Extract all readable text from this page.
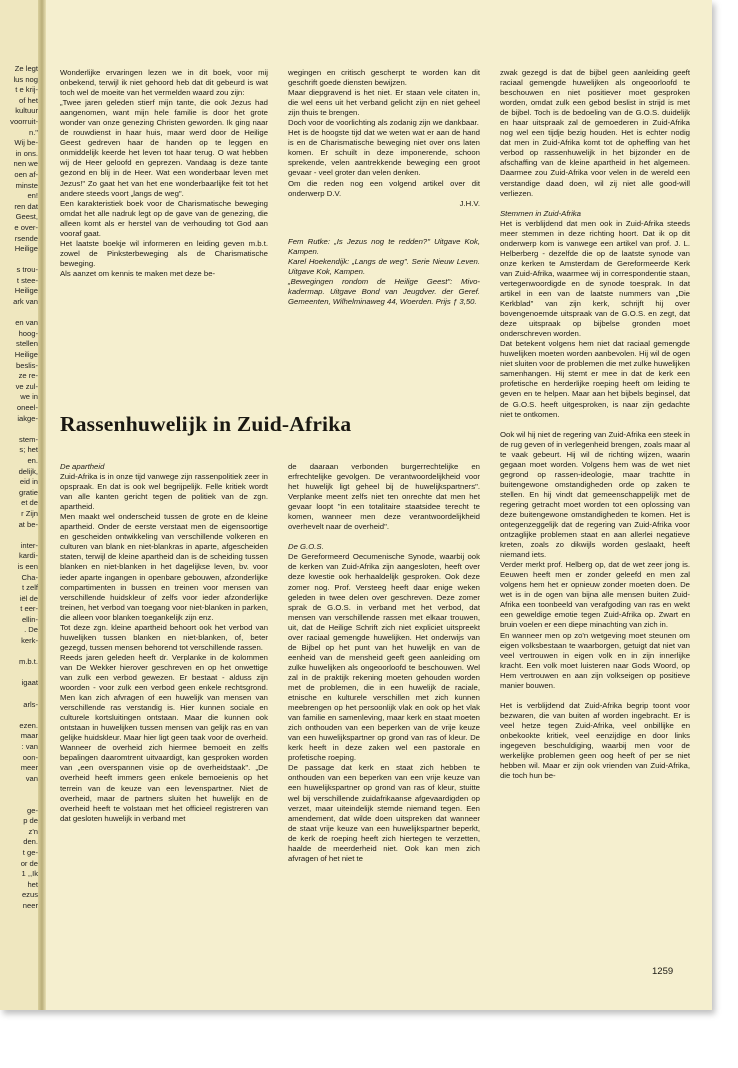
Ze legt
lus nog
t e krij-
of het
kultuur
voorruit-
n."
Wij be-
in ons.
nen we
oen af-
minste
en!
ren dat
Geest,
e over-
rsende
Heilige
s trou-
t stee-
Heilige
ark van
en van
hoog-
stellen
Heilige
beslis-
ze re-
ve zul-
we in
oneel-
iakge-
stem-
s; het
en.
delijk,
eid in
gratie
et de
r Zijn
at be-
inter-
kardi-
is een
Cha-
t zelf
iël de
t eer-
ellin-
. De
kerk-
m.b.t.
igaat
arls-
ezen.
maar
: van
oon-
meer
van
ge-
p de
z'n
den.
t ge-
or de
1 ,,Ik
het
ezus
neer

Wonderlijke ervaringen lezen we in dit boek, voor mij onbekend, terwijl ik niet gehoord heb dat dit gebeurd is wat toch wel de moeite van het vermelden waard zou zijn:

„Twee jaren geleden stierf mijn tante, die ook Jezus had aangenomen, want mijn hele familie is door het grote wonder van onze genezing Christen geworden. Ik ging naar de rouwdienst in haar huis, maar werd door de Heilige Geest gedreven haar de handen op te leggen en onmiddelijk keerde het leven tot haar terug. O wat hebben wij de Heer geloofd en geprezen. Vandaag is deze tante gezond en blij in de Heer. Wat een wonderbaar leven met Jezus!" Zo gaat het van het ene wonderbaarlijke feit tot het andere steeds voort „langs de weg".

Een karakteristiek boek voor de Charismatische beweging omdat het alle nadruk legt op de gave van de genezing, die alleen komt als er herstel van de verhouding tot God aan vooraf gaat.

Het laatste boekje wil informeren en leiding geven m.b.t. zowel de Pinksterbeweging als de Charismatische beweging.

Als aanzet om kennis te maken met deze be-

wegingen en critisch gescherpt te worden kan dit geschrift goede diensten bewijzen.

Maar diepgravend is het niet. Er staan vele citaten in, die wel eens uit het verband gelicht zijn en niet geheel zijn thuis te brengen.

Doch voor de voorlichting als zodanig zijn we dankbaar.

Het is de hoogste tijd dat we weten wat er aan de hand is en de Charismatische beweging niet over ons laten komen. Er schuilt in deze imponerende, schoon sprekende, velen aantrekkende beweging een groot gevaar - veel groter dan velen denken.

Om die reden nog een volgend artikel over dit onderwerp D.V.

J.H.V.

Fem Rutke: „Is Jezus nog te redden?" Uitgave Kok, Kampen.

Karel Hoekendijk: „Langs de weg". Serie Nieuw Leven. Uitgave Kok, Kampen.

„Bewegingen rondom de Heilige Geest": Mivo-kadermap. Uitgave Bond van Jeugdver. der Geref. Gemeenten, Wilhelminaweg 44, Woerden. Prijs ƒ 3,50.

zwak gezegd is dat de bijbel geen aanleiding geeft raciaal gemengde huwelijken als ongeoorloofd te beschouwen en niet positiever moet gesproken worden, omdat zulk een gebod beslist in strijd is met de bijbel. Toch is de bedoeling van de G.O.S. duidelijk en haar uitspraak zal de gemoederen in Zuid-Afrika nog wel een tijdje bezig houden. Het is echter nodig dat men in Zuid-Afrika komt tot de opheffing van het verbod op rassenhuwelijk in het bijzonder en de afschaffing van de kleine apartheid in het algemeen. Daarmee zou Zuid-Afrika voor velen in de wereld een verstandige daad doen, wil zij niet alle good-will verliezen.

Stemmen in Zuid-Afrika

Het is verblijdend dat men ook in Zuid-Afrika steeds meer stemmen in deze richting hoort. Dat ik op dit onderwerp kom is vanwege een artikel van prof. J. L. Helberberg - dezelfde die op de laatste synode van onze kerken te Amsterdam de Gereformeerde Kerk van Zuid-Afrika, waarmee wij in correspondentie staan, vertegenwoordigde en de synode toesprak. In dat artikel in een van de laatste nummers van „Die Kerkblad" van zijn kerk, schrijft hij over bovengenoemde uitspraak van de G.O.S. en zegt, dat deze uitspraak op bijbelse gronden moet onderschreven worden.

Dat betekent volgens hem niet dat raciaal gemengde huwelijken moeten worden aanbevolen. Hij wil de ogen niet sluiten voor de problemen die met zulke huwelijken samenhangen. Hij stemt er mee in dat de kerk een profetische en herderlijke roeping heeft om leiding te geven en te helpen. Maar aan het bijbels beginsel, dat de G.O.S. heeft uitgesproken, is naar zijn gedachte niet te ontkomen.

Ook wil hij niet de regering van Zuid-Afrika een steek in de rug geven of in verlegenheid brengen, zoals maar al te vaak gebeurt. Hij wil de richting wijzen, waarin gegaan moet worden. Volgens hem was de wet niet gegrond op rassen-ideologie, maar trachtte in buitengewone omstandigheden orde op zaken te stellen. En hij vindt dat gemeenschappelijk met de regering getracht moet worden tot een oplossing van deze buitengewone omstandigheden te komen. Het is ontegenzeggelijk dat de regering van Zuid-Afrika voor ontzaglijke problemen staat en aan allerlei negatieve kreten, zoals zo dikwijls worden geslaakt, heeft niemand iets.

Verder merkt prof. Helberg op, dat de wet zeer jong is. Eeuwen heeft men er zonder geleefd en men zal volgens hem het er opnieuw zonder moeten doen. De wet is in de ogen van bijna alle mensen buiten Zuid-Afrika een toonbeeld van verafgoding van ras en wekt een geweldige emotie tegen Zuid-Afrika op. Zwart en bruin voelen er een diepe minachting van zich in.

En wanneer men op zo'n wetgeving moet steunen om eigen volksbestaan te waarborgen, getuigt dat niet van veel vertrouwen in eigen volk en in zijn innerlijke kracht. Een volk moet luisteren naar Gods Woord, op Hem vertrouwen en aan zijn volkseigen op positieve manier bouwen.

Het is verblijdend dat Zuid-Afrika begrip toont voor bezwaren, die van buiten af worden ingebracht. Er is veel hetze tegen Zuid-Afrika, veel onbillijke en onbekookte kritiek, veel eenzijdige en door links ingegeven beschuldiging, waarbij men voor de werkelijke problemen geen oog heeft of per se niet hebben wil. Maar er zijn ook vrienden van Zuid-Afrika, die toch hun be-

Rassenhuwelijk in Zuid-Afrika

De apartheid

Zuid-Afrika is in onze tijd vanwege zijn rassenpolitiek zeer in opspraak. En dat is ook wel begrijpelijk. Felle kritiek wordt van alle kanten gericht tegen de politiek van de zgn. apartheid.

Men maakt wel onderscheid tussen de grote en de kleine apartheid. Onder de eerste verstaat men de eigensoortige en gescheiden ontwikkeling van verschillende volkeren en culturen van blank en niet-blankras in aparte, afgescheiden staten, terwijl de kleine apartheid dan is de scheiding tussen blanken en niet-blanken in het dagelijkse leven, bv. voor ieder aparte ingangen in openbare gebouwen, afzonderlijke compartimenten in bussen en treinen voor mensen van verschillende huidskleur of zelfs voor ieder afzonderlijke treinen, het verbod van toegang voor niet-blanken in parken, die alleen voor blanken toegankelijk zijn enz.

Tot deze zgn. kleine apartheid behoort ook het verbod van huwelijken tussen blanken en niet-blanken, of, beter gezegd, tussen mensen behorend tot verschillende rassen.

Reeds jaren geleden heeft dr. Verplanke in de kolommen van De Wekker hierover geschreven en op het onwettige van zulk een verbod gewezen. Er bestaat - alduss zijn woorden - voor zulk een verbod geen enkele rechtsgrond. Men kan zich afvragen of een huwelijk van mensen van verschillende ras verstandig is. Hier kunnen sociale en culturele kortsluitingen ontstaan. Maar die kunnen ook ontstaan in huwelijken tussen mensen van gelijk ras en van gelijke huidskleur. Maar hier ligt geen taak voor de overheid. Wanneer de overheid zich hiermee bemoeit en zelfs bepalingen daaromtrent uitvaardigt, kan gesproken worden van „een overspannen visie op de overheidstaak". „De overheid heeft immers geen enkele bemoeienis op het terrein van de keuze van een levenspartner. Niet de overheid, maar de partners sluiten het huwelijk en de overheid heeft te volstaan met het officieel registreren van dat gesloten huwelijk in verband met

de daaraan verbonden burgerrechtelijke en erfrechtelijke gevolgen. De verantwoordelijkheid voor het huwelijk ligt geheel bij de huwelijkspartners". Verplanke meent zelfs niet ten onrechte dat men het gevaar loopt "in een totalitaire staatsidee terecht te komen, wanneer men deze verantwoordelijkheid overhevelt naar de overheid".

De G.O.S.

De Gereformeerd Oecumenische Synode, waarbij ook de kerken van Zuid-Afrika zijn aangesloten, heeft over deze kwestie ook herhaaldelijk gesproken. Ook deze zomer nog. Prof. Versteeg heeft daar enige weken geleden in twee delen over geschreven. Deze zomer sprak de G.O.S. in verband met het verbod, dat mensen van verschillende rassen met elkaar trouwen, uit, dat de Heilige Schrift zich niet expliciet uitspreekt over raciaal gemengde huwelijken. Het onderwijs van de Bijbel op het punt van het huwelijk en van de eenheid van de mensheid geeft geen aanleiding om zulke huwelijken als ongeoorloofd te beschouwen. Wel zal in de praktijk rekening moeten gehouden worden met de problemen, die in een huwelijk de raciale, etnische en kulturele verschillen met zich kunnen meebrengen op het persoonlijk vlak en ook op het vlak van familie en samenleving, maar kerk en staat moeten zich onthouden van een beperken van de vrije keuze van een huwelijkspartner op grond van ras of kleur. De kerk heeft in deze zaken wel een pastorale en profetische roeping.

De passage dat kerk en staat zich hebben te onthouden van een beperken van een vrije keuze van een huwelijkspartner op grond van ras of kleur, stuitte wel bij verschillende zuidafrikaanse afgevaardigden op verzet, maar uiteindelijk stemde niemand tegen. Een amendement, dat wilde doen uitspreken dat wanneer de staat vrije keuze van een huwelijkspartner beperkt, de kerk de roeping heeft zich hiertegen te verzetten, haalde de meerderheid niet. Ook kan men zich afvragen of het niet te

1259
